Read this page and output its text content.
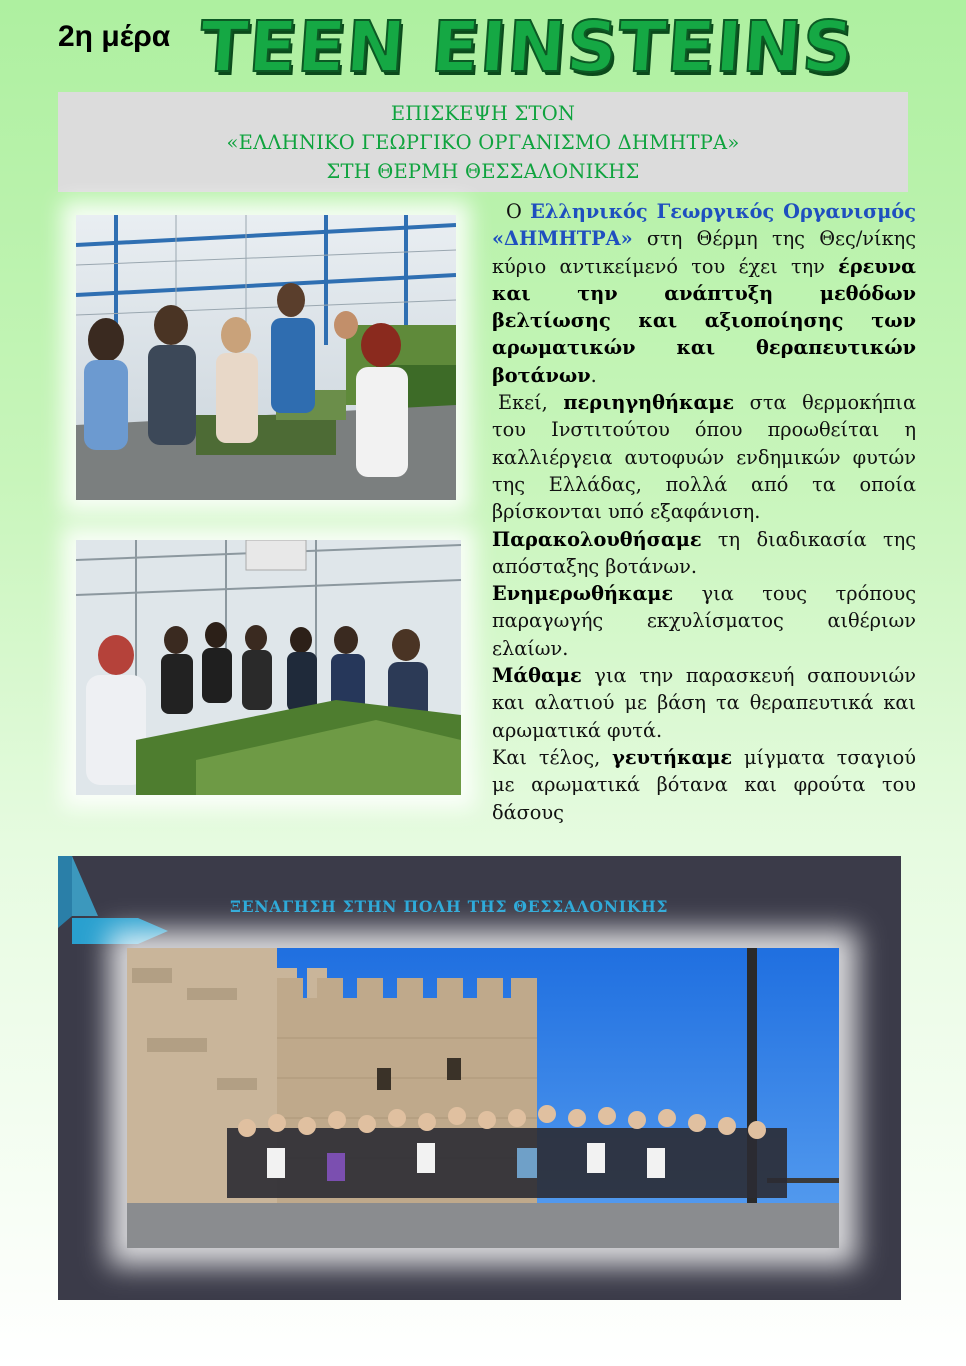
2η μέρα TEEN EINSTEINS
ΕΠΙΣΚΕΨΗ ΣΤΟΝ
«ΕΛΛΗΝΙΚΟ ΓΕΩΡΓΙΚΟ ΟΡΓΑΝΙΣΜΟ ΔΗΜΗΤΡΑ»
ΣΤΗ ΘΕΡΜΗ ΘΕΣΣΑΛΟΝΙΚΗΣ

Ο Ελληνικός Γεωργικός Οργανισμός «ΔΗΜΗΤΡΑ» στη Θέρμη της Θες/νίκης κύριο αντικείμενό του έχει την έρευνα και την ανάπτυξη μεθόδων βελτίωσης και αξιοποίησης των αρωματικών και θεραπευτικών βοτάνων.

Εκεί, περιηγηθήκαμε στα θερμοκήπια του Ινστιτούτου όπου προωθείται η καλλιέργεια αυτοφυών ενδημικών φυτών της Ελλάδας, πολλά από τα οποία βρίσκονται υπό εξαφάνιση.

Παρακολουθήσαμε τη διαδικασία της απόσταξης βοτάνων.

Ενημερωθήκαμε για τους τρόπους παραγωγής εκχυλίσματος αιθέριων ελαίων.

Μάθαμε για την παρασκευή σαπουνιών και αλατιού με βάση τα θεραπευτικά και αρωματικά φυτά.

Και τέλος, γευτήκαμε μίγματα τσαγιού με αρωματικά βότανα και φρούτα του δάσους

ΞΕΝΑΓΗΣΗ ΣΤΗΝ ΠΟΛΗ ΤΗΣ ΘΕΣΣΑΛΟΝΙΚΗΣ
